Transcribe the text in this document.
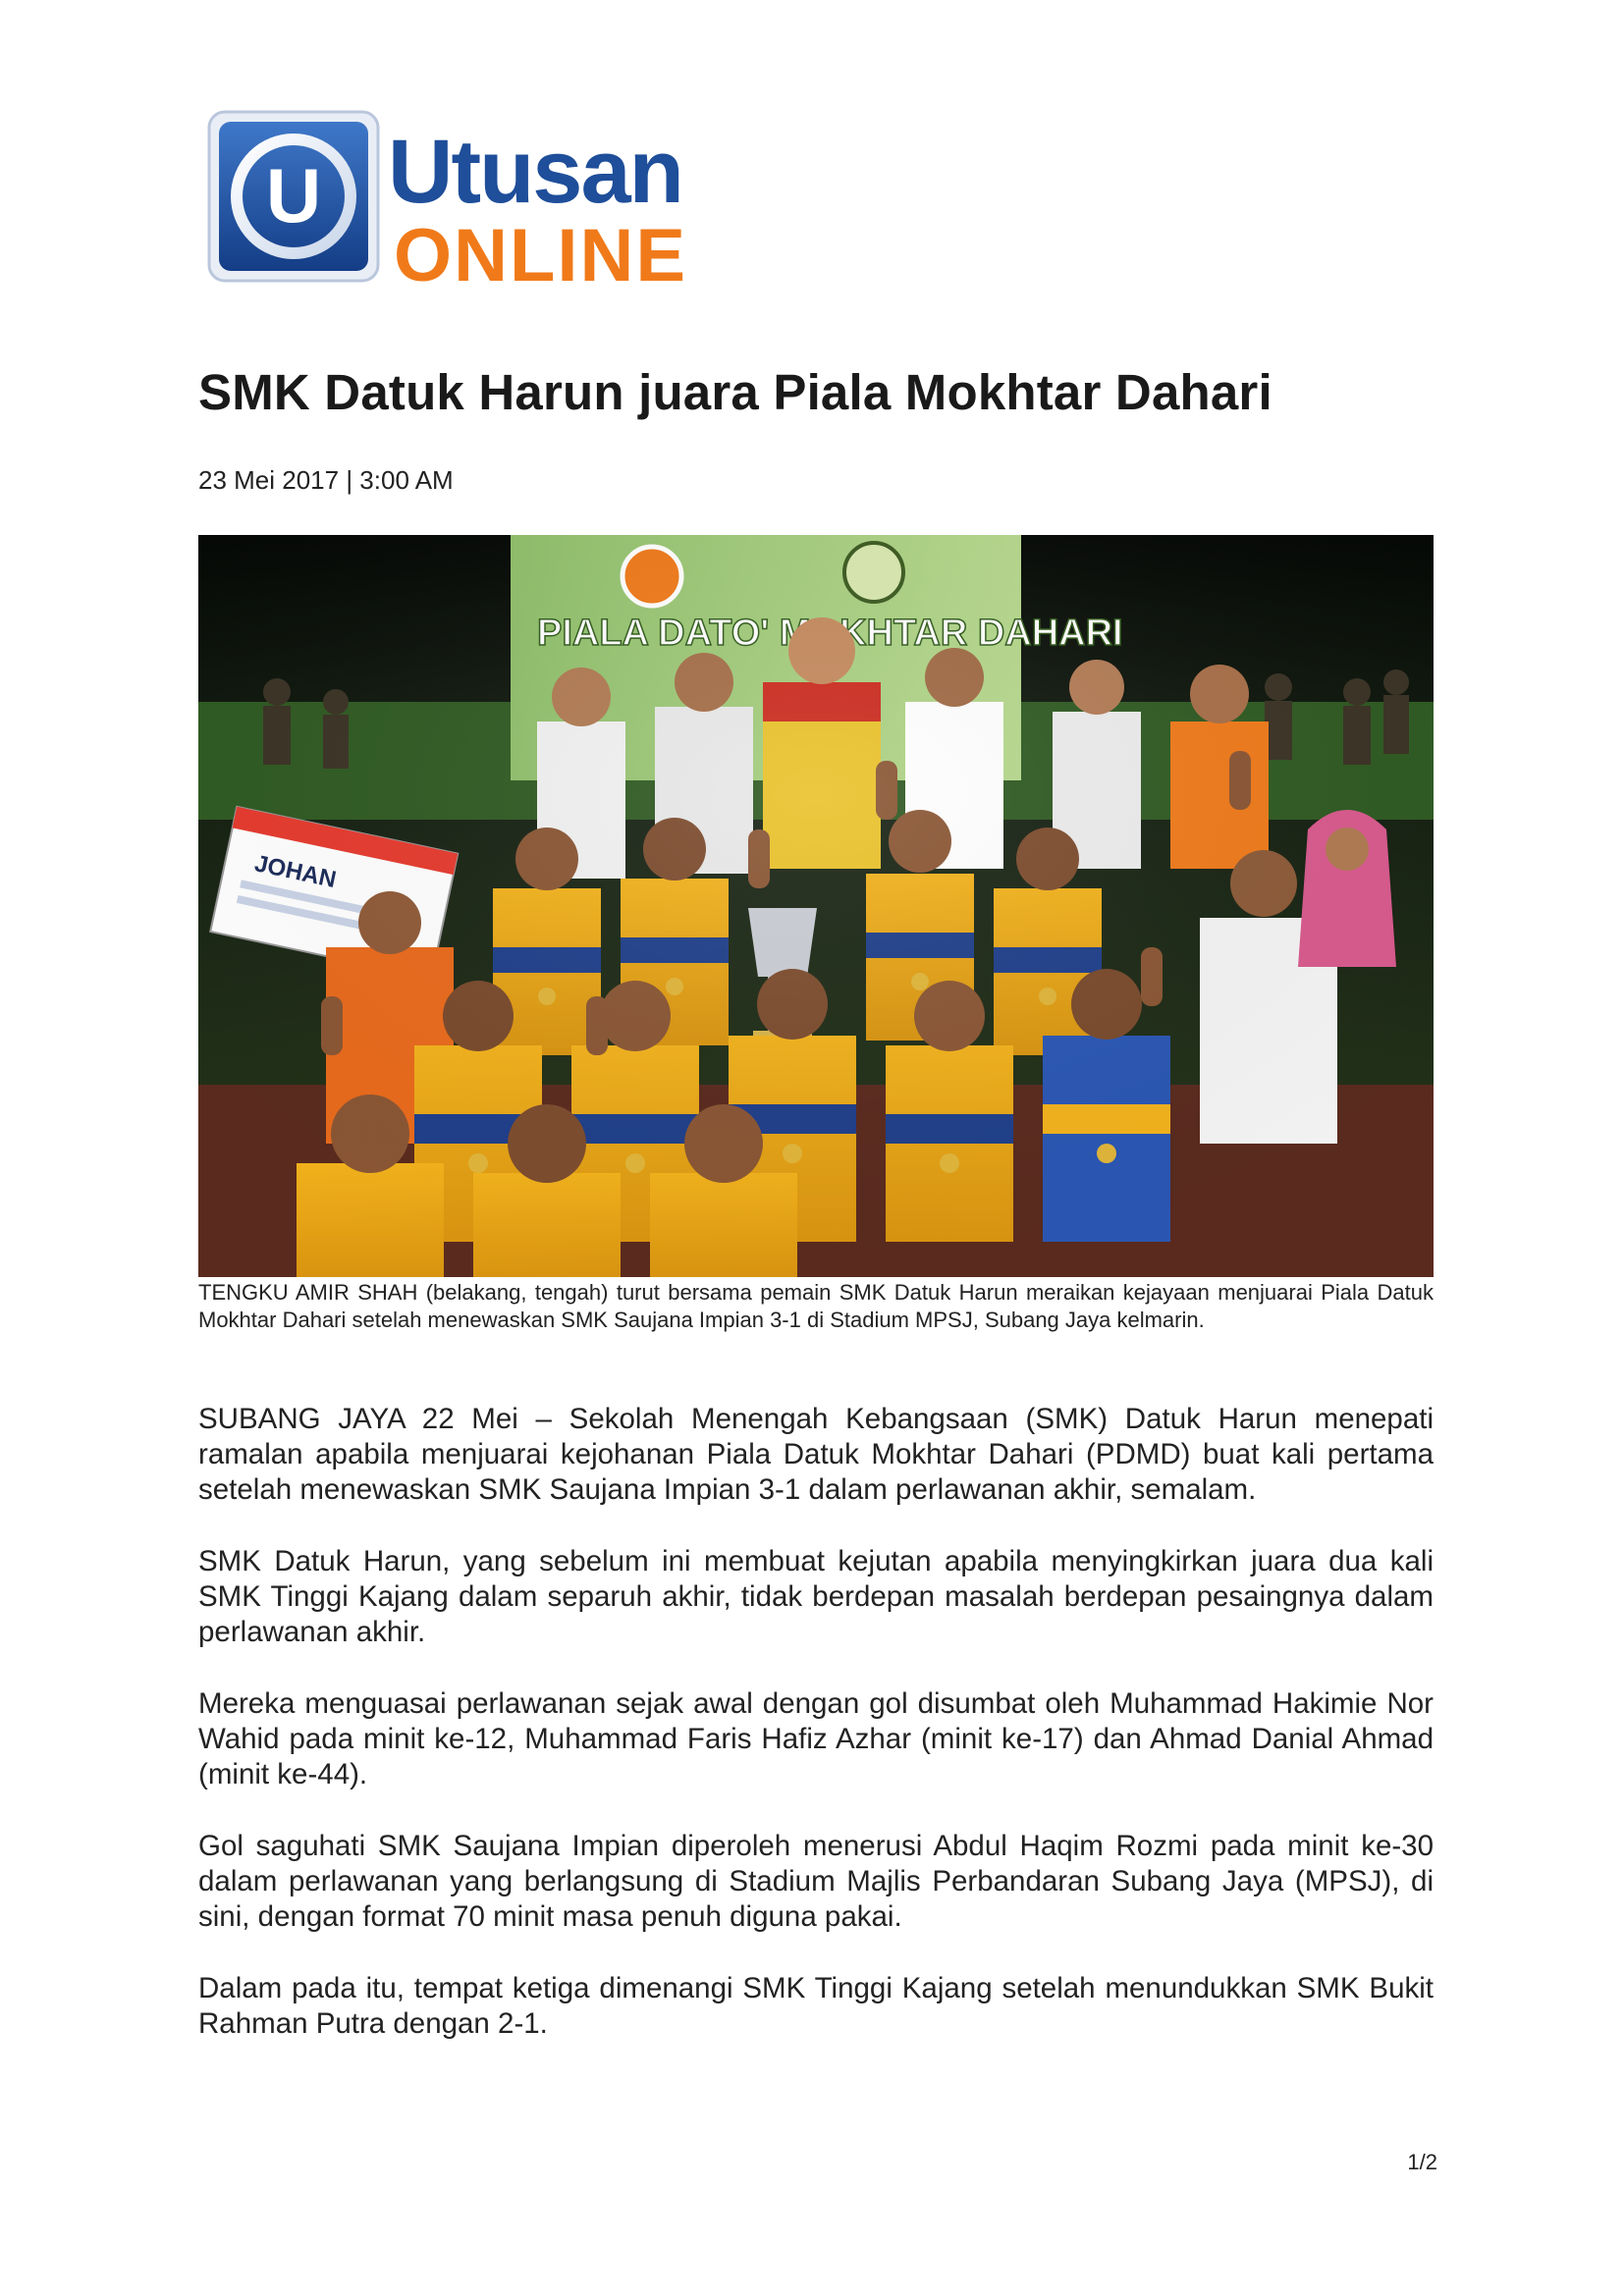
U Utusan
ONLINE
SMK Datuk Harun juara Piala Mokhtar Dahari
23 Mei 2017 | 3:00 AM

TENGKU AMIR SHAH (belakang, tengah) turut bersama pemain SMK Datuk Harun meraikan kejayaan menjuarai Piala Datuk Mokhtar Dahari setelah menewaskan SMK Saujana Impian 3-1 di Stadium MPSJ, Subang Jaya kelmarin.

SUBANG JAYA 22 Mei – Sekolah Menengah Kebangsaan (SMK) Datuk Harun menepati ramalan apabila menjuarai kejohanan Piala Datuk Mokhtar Dahari (PDMD) buat kali pertama setelah menewaskan SMK Saujana Impian 3-1 dalam perlawanan akhir, semalam.

SMK Datuk Harun, yang sebelum ini membuat kejutan apabila menyingkirkan juara dua kali SMK Tinggi Kajang dalam separuh akhir, tidak berdepan masalah berdepan pesaingnya dalam perlawanan akhir.

Mereka menguasai perlawanan sejak awal dengan gol disumbat oleh Muhammad Hakimie Nor Wahid pada minit ke-12, Muhammad Faris Hafiz Azhar (minit ke-17) dan Ahmad Danial Ahmad (minit ke-44).

Gol saguhati SMK Saujana Impian diperoleh menerusi Abdul Haqim Rozmi pada minit ke-30 dalam perlawanan yang berlangsung di Stadium Majlis Perbandaran Subang Jaya (MPSJ), di sini, dengan format 70 minit masa penuh diguna pakai.

Dalam pada itu, tempat ketiga dimenangi SMK Tinggi Kajang setelah menundukkan SMK Bukit Rahman Putra dengan 2-1.

1/2
